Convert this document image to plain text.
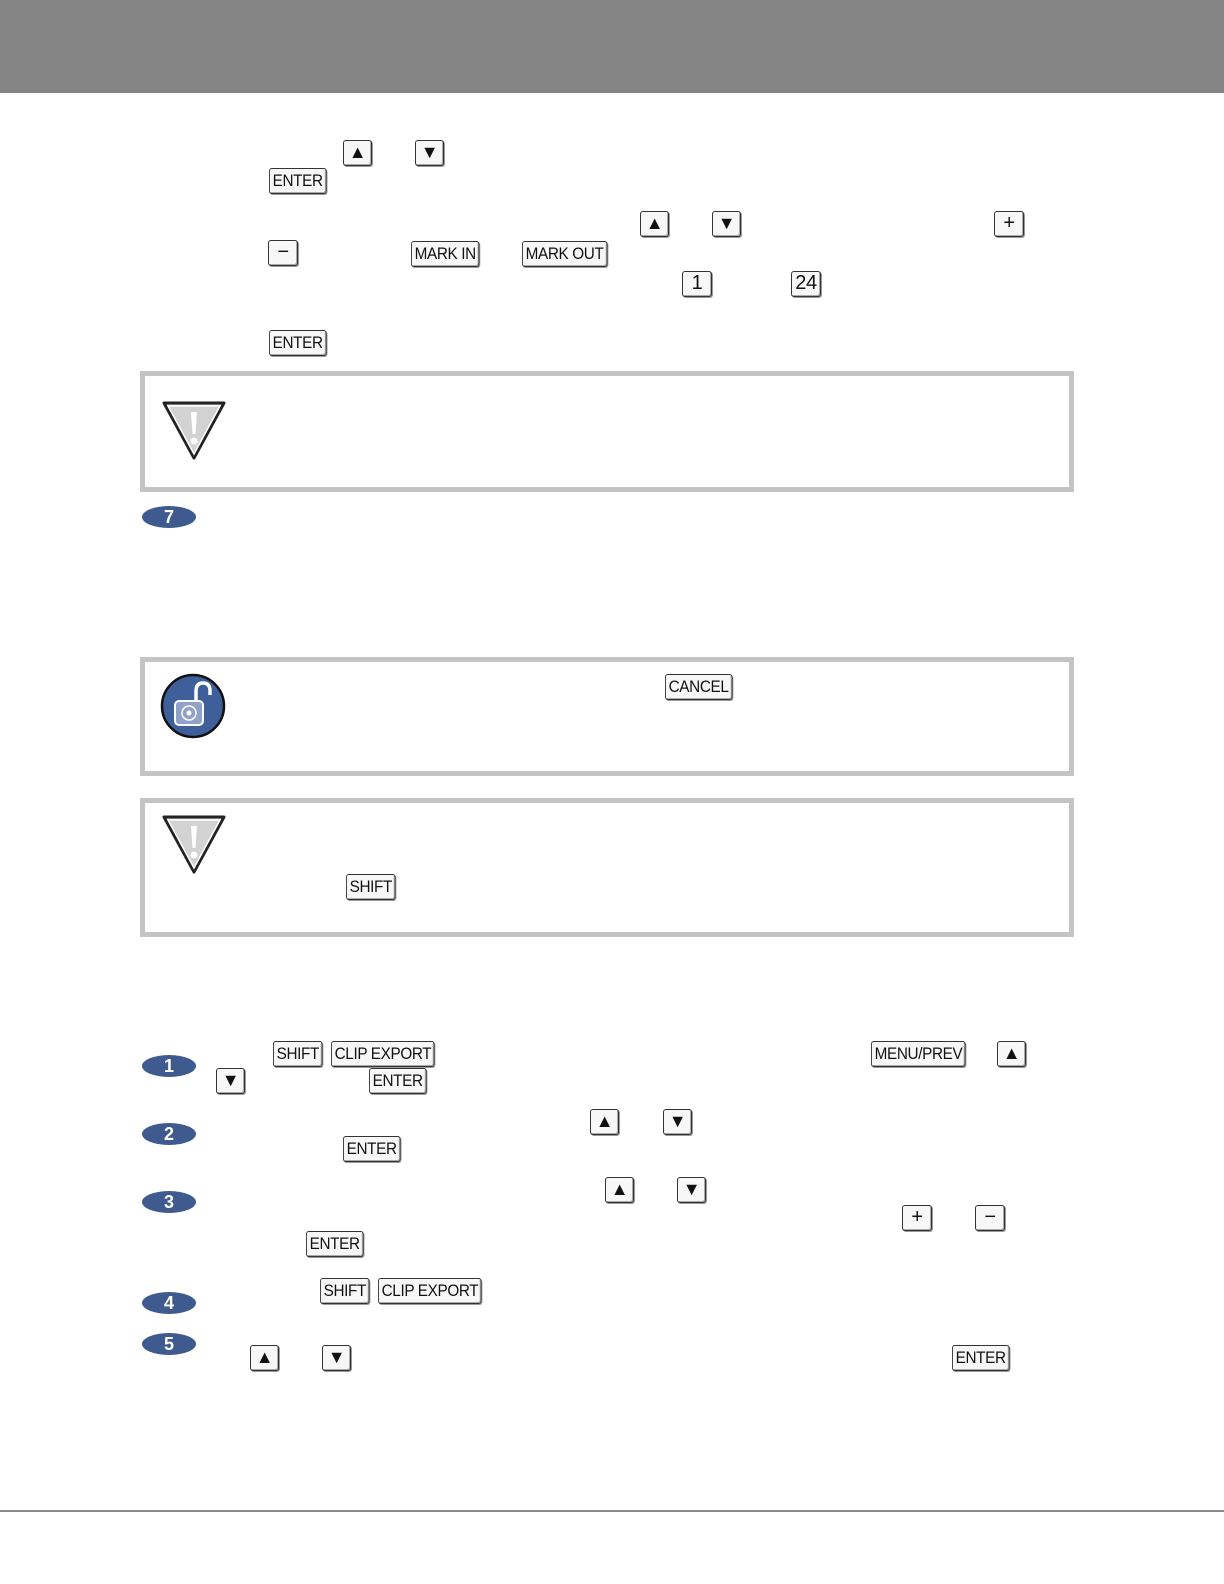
▲	▼
ENTER
▲	▼	+
−	MARK IN	MARK OUT
1	24
ENTER
7
CANCEL
SHIFT
1
SHIFT CLIP EXPORT	MENU/PREV	▲
▼	ENTER
2
▲	▼
ENTER
3
▲	▼
+	−
ENTER
4
SHIFT CLIP EXPORT
5
▲	▼	ENTER
